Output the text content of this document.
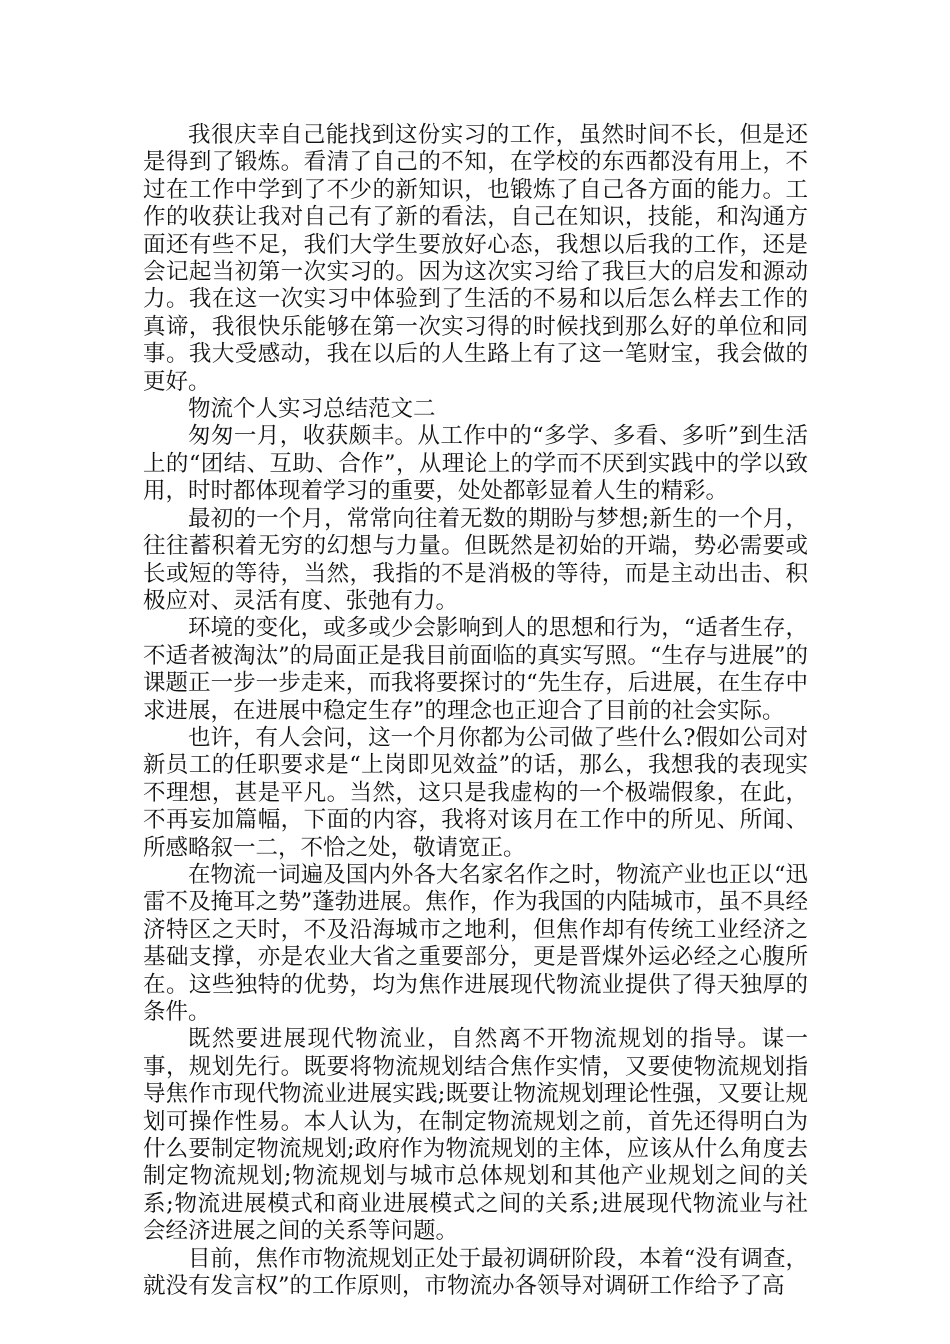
我很庆幸自己能找到这份实习的工作，虽然时间不长，但是还是得到了锻炼。看清了自己的不知，在学校的东西都没有用上，不过在工作中学到了不少的新知识，也锻炼了自己各方面的能力。工作的收获让我对自己有了新的看法，自己在知识，技能，和沟通方面还有些不足，我们大学生要放好心态，我想以后我的工作，还是会记起当初第一次实习的。因为这次实习给了我巨大的启发和源动力。我在这一次实习中体验到了生活的不易和以后怎么样去工作的真谛，我很快乐能够在第一次实习得的时候找到那么好的单位和同事。我大受感动，我在以后的人生路上有了这一笔财宝，我会做的更好。

物流个人实习总结范文二

匆匆一月，收获颇丰。从工作中的“多学、多看、多听”到生活上的“团结、互助、合作”，从理论上的学而不厌到实践中的学以致用，时时都体现着学习的重要，处处都彰显着人生的精彩。

最初的一个月，常常向往着无数的期盼与梦想;新生的一个月，往往蓄积着无穷的幻想与力量。但既然是初始的开端，势必需要或长或短的等待，当然，我指的不是消极的等待，而是主动出击、积极应对、灵活有度、张弛有力。

环境的变化，或多或少会影响到人的思想和行为，“适者生存，不适者被淘汰”的局面正是我目前面临的真实写照。“生存与进展”的课题正一步一步走来，而我将要探讨的“先生存，后进展，在生存中求进展，在进展中稳定生存”的理念也正迎合了目前的社会实际。

也许，有人会问，这一个月你都为公司做了些什么?假如公司对新员工的任职要求是“上岗即见效益”的话，那么，我想我的表现实不理想，甚是平凡。当然，这只是我虚构的一个极端假象，在此，不再妄加篇幅，下面的内容，我将对该月在工作中的所见、所闻、所感略叙一二，不恰之处，敬请宽正。

在物流一词遍及国内外各大名家名作之时，物流产业也正以“迅雷不及掩耳之势”蓬勃进展。焦作，作为我国的内陆城市，虽不具经济特区之天时，不及沿海城市之地利，但焦作却有传统工业经济之基础支撑，亦是农业大省之重要部分，更是晋煤外运必经之心腹所在。这些独特的优势，均为焦作进展现代物流业提供了得天独厚的条件。

既然要进展现代物流业，自然离不开物流规划的指导。谋一事，规划先行。既要将物流规划结合焦作实情，又要使物流规划指导焦作市现代物流业进展实践;既要让物流规划理论性强，又要让规划可操作性易。本人认为，在制定物流规划之前，首先还得明白为什么要制定物流规划;政府作为物流规划的主体，应该从什么角度去制定物流规划;物流规划与城市总体规划和其他产业规划之间的关系;物流进展模式和商业进展模式之间的关系;进展现代物流业与社会经济进展之间的关系等问题。

目前，焦作市物流规划正处于最初调研阶段，本着“没有调查，就没有发言权”的工作原则，市物流办各领导对调研工作给予了高
